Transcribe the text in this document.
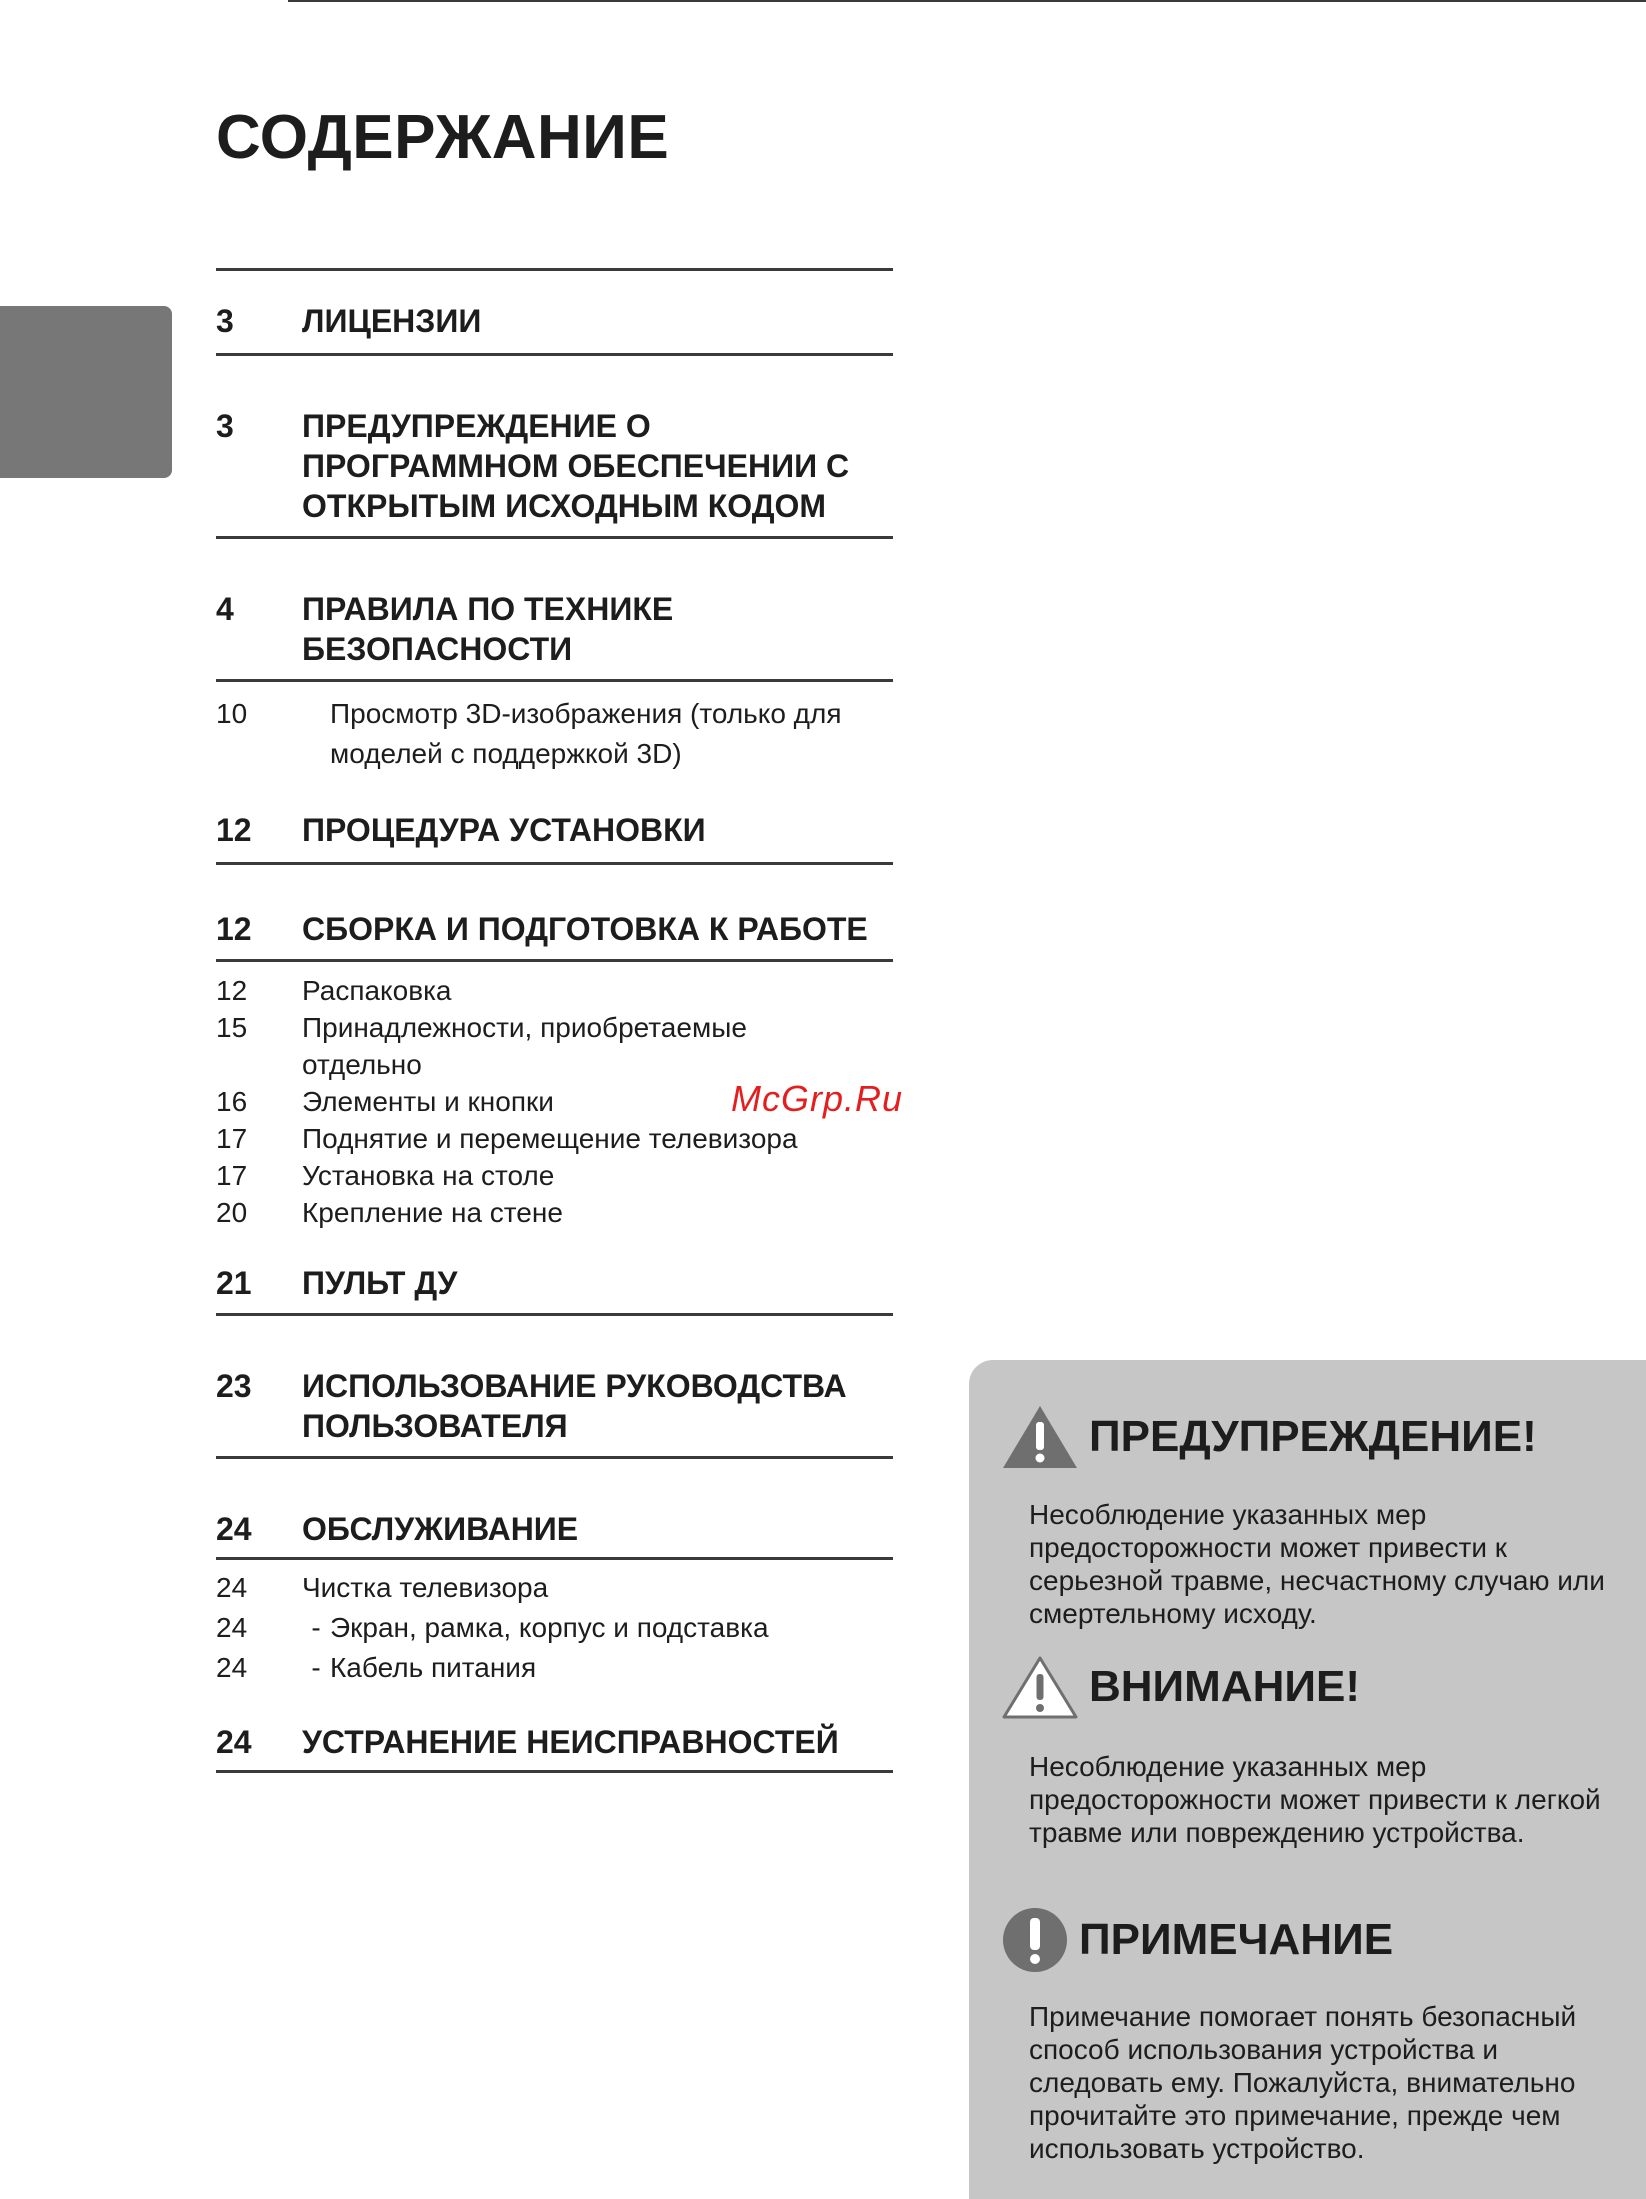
СОДЕРЖАНИЕ
3	ЛИЦЕНЗИИ
3	ПРЕДУПРЕЖДЕНИЕ О ПРОГРАММНОМ ОБЕСПЕЧЕНИИ С ОТКРЫТЫМ ИСХОДНЫМ КОДОМ
4	ПРАВИЛА ПО ТЕХНИКЕ БЕЗОПАСНОСТИ
10	Просмотр 3D-изображения (только для моделей с поддержкой 3D)
12	ПРОЦЕДУРА УСТАНОВКИ
12	СБОРКА И ПОДГОТОВКА К РАБОТЕ
12	Распаковка
15	Принадлежности, приобретаемые отдельно
16	Элементы и кнопки
17	Поднятие и перемещение телевизора
17	Установка на столе
20	Крепление на стене
21	ПУЛЬТ ДУ
23	ИСПОЛЬЗОВАНИЕ РУКОВОДСТВА ПОЛЬЗОВАТЕЛЯ
24	ОБСЛУЖИВАНИЕ
24	Чистка телевизора
24	- Экран, рамка, корпус и подставка
24	- Кабель питания
24	УСТРАНЕНИЕ НЕИСПРАВНОСТЕЙ
McGrp.Ru
ПРЕДУПРЕЖДЕНИЕ!

Несоблюдение указанных мер предосторожности может привести к серьезной травме, несчастному случаю или смертельному исходу.

ВНИМАНИЕ!

Несоблюдение указанных мер предосторожности может привести к легкой травме или повреждению устройства.

ПРИМЕЧАНИЕ

Примечание помогает понять безопасный способ использования устройства и следовать ему. Пожалуйста, внимательно прочитайте это примечание, прежде чем использовать устройство.
